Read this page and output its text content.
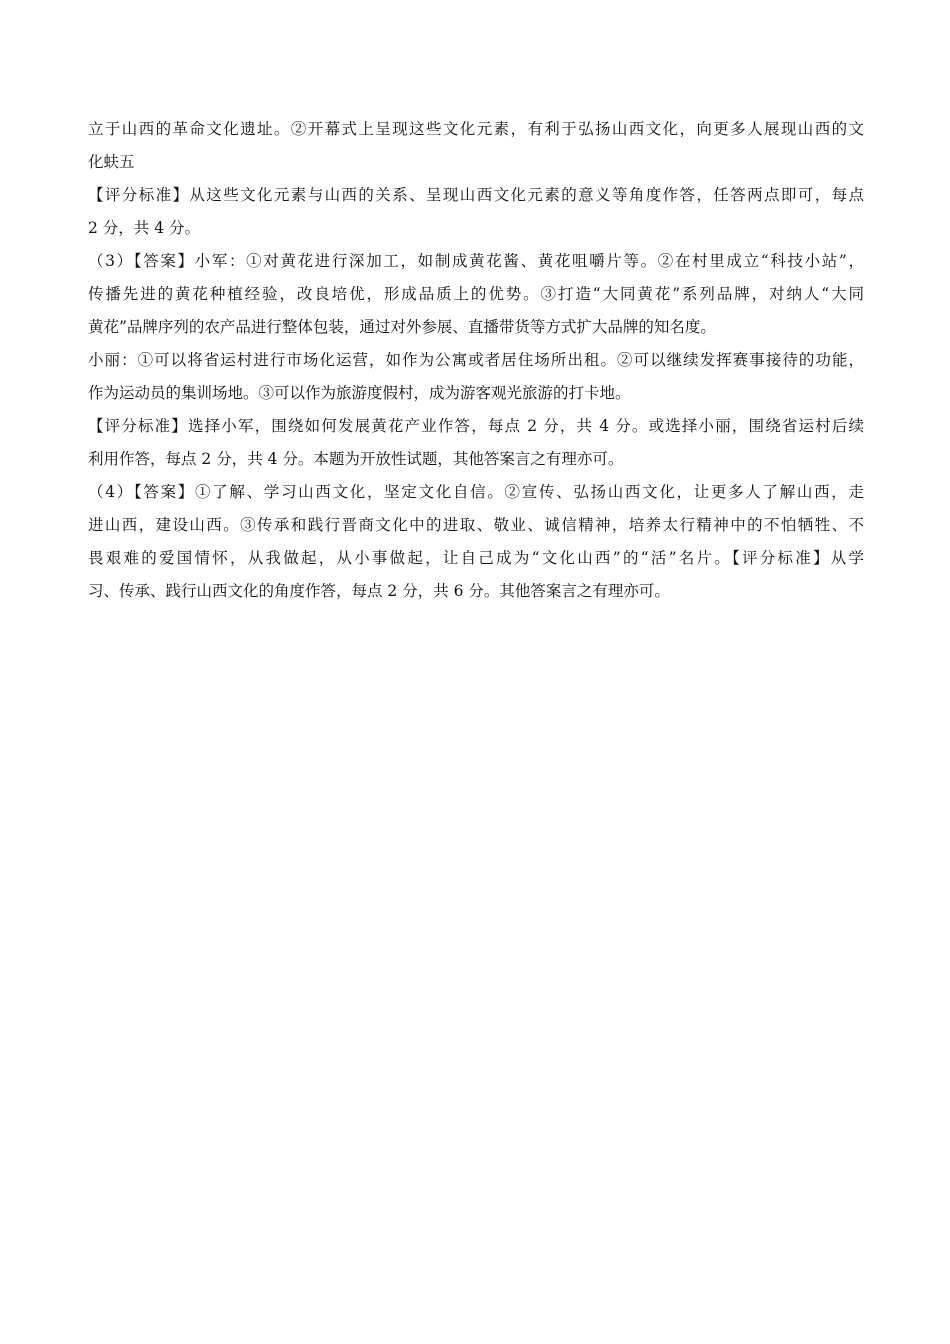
立于山西的革命文化遗址。②开幕式上呈现这些文化元素，有利于弘扬山西文化，向更多人展现山西的文

化蚨五

【评分标准】从这些文化元素与山西的关系、呈现山西文化元素的意义等角度作答，任答两点即可，每点

2 分，共 4 分。

（3）【答案】小军：①对黄花进行深加工，如制成黄花酱、黄花咀嚼片等。②在村里成立“科技小站”，

传播先进的黄花种植经验，改良培优，形成品质上的优势。③打造“大同黄花”系列品牌，对纳人“大同

黄花”品牌序列的农产品进行整体包装，通过对外参展、直播带货等方式扩大品牌的知名度。

小丽：①可以将省运村进行市场化运营，如作为公寓或者居住场所出租。②可以继续发挥赛事接待的功能，

作为运动员的集训场地。③可以作为旅游度假村，成为游客观光旅游的打卡地。

【评分标准】选择小军，围绕如何发展黄花产业作答，每点 2 分，共 4 分。或选择小丽，围绕省运村后续

利用作答，每点 2 分，共 4 分。本题为开放性试题，其他答案言之有理亦可。

（4）【答案】①了解、学习山西文化，坚定文化自信。②宣传、弘扬山西文化，让更多人了解山西，走

进山西，建设山西。③传承和践行晋商文化中的进取、敬业、诚信精神，培养太行精神中的不怕牺牲、不

畏艰难的爱国情怀，从我做起，从小事做起，让自己成为“文化山西”的“活”名片。【评分标准】从学

习、传承、践行山西文化的角度作答，每点 2 分，共 6 分。其他答案言之有理亦可。
